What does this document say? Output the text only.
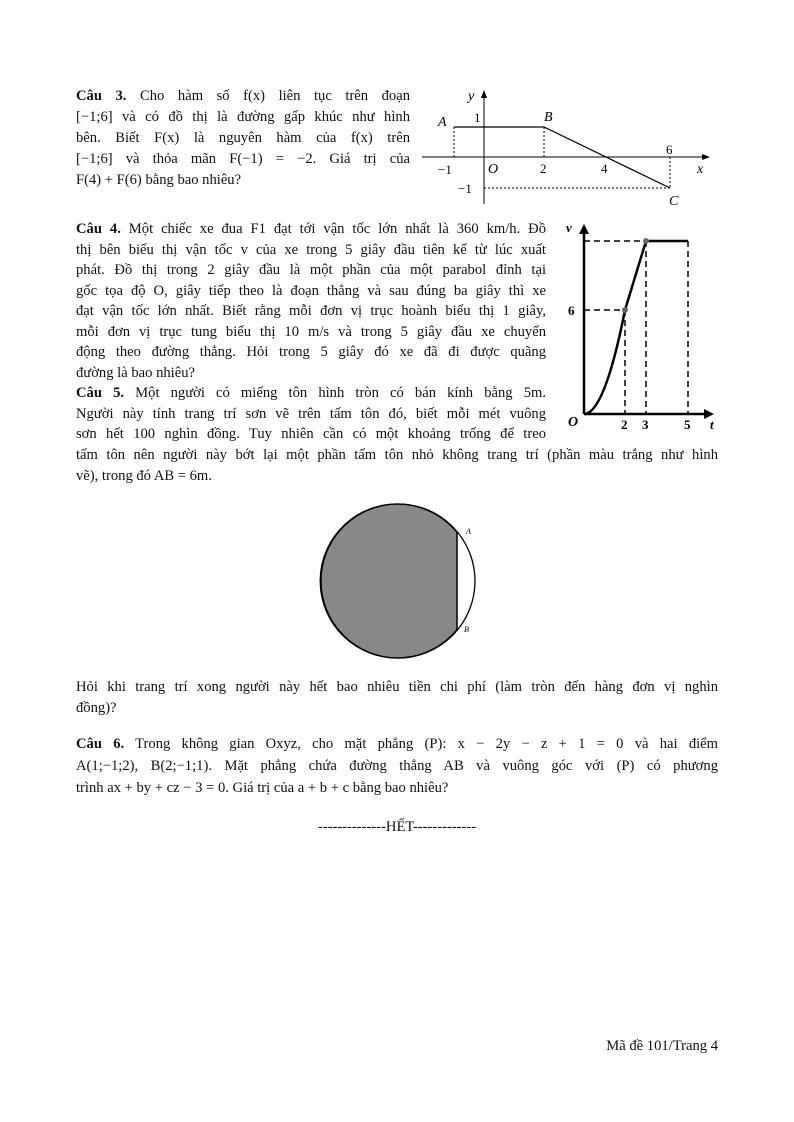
Câu 3. Cho hàm số f(x) liên tục trên đoạn

[−1;6] và có đồ thị là đường gấp khúc như hình

bên. Biết F(x) là nguyên hàm của f(x) trên

[−1;6] và thỏa mãn F(−1) = −2. Giá trị của

F(4) + F(6) bằng bao nhiêu?

y
x
O
A	B
C
1
−1
−1	2	4
6

Câu 4. Một chiếc xe đua F1 đạt tới vận tốc lớn nhất là 360 km/h. Đồ

thị bên biểu thị vận tốc v của xe trong 5 giây đầu tiên kể từ lúc xuất

phát. Đồ thị trong 2 giây đầu là một phần của một parabol đỉnh tại

gốc tọa độ O, giây tiếp theo là đoạn thẳng và sau đúng ba giây thì xe

đạt vận tốc lớn nhất. Biết rằng mỗi đơn vị trục hoành biểu thị 1 giây,

mỗi đơn vị trục tung biểu thị 10 m/s và trong 5 giây đầu xe chuyển

động theo đường thẳng. Hỏi trong 5 giây đó xe đã đi được quãng

đường là bao nhiêu?

v
t
O
6
2 3	5

Câu 5. Một người có miếng tôn hình tròn có bán kính bằng 5m.

Người này tính trang trí sơn vẽ trên tấm tôn đó, biết mỗi mét vuông

sơn hết 100 nghìn đồng. Tuy nhiên cần có một khoảng trống để treo

tấm tôn nên người này bớt lại một phần tấm tôn nhỏ không trang trí (phần màu trắng như hình

vẽ), trong đó AB = 6m.

A
B

Hỏi khi trang trí xong người này hết bao nhiêu tiền chi phí (làm tròn đến hàng đơn vị nghìn

đồng)?

Câu 6. Trong không gian Oxyz, cho mặt phẳng (P): x − 2y − z + 1 = 0 và hai điểm

A(1;−1;2), B(2;−1;1). Mặt phẳng chứa đường thẳng AB và vuông góc với (P) có phương

trình ax + by + cz − 3 = 0. Giá trị của a + b + c bằng bao nhiêu?

--------------HẾT-------------
Mã đề 101/Trang 4
